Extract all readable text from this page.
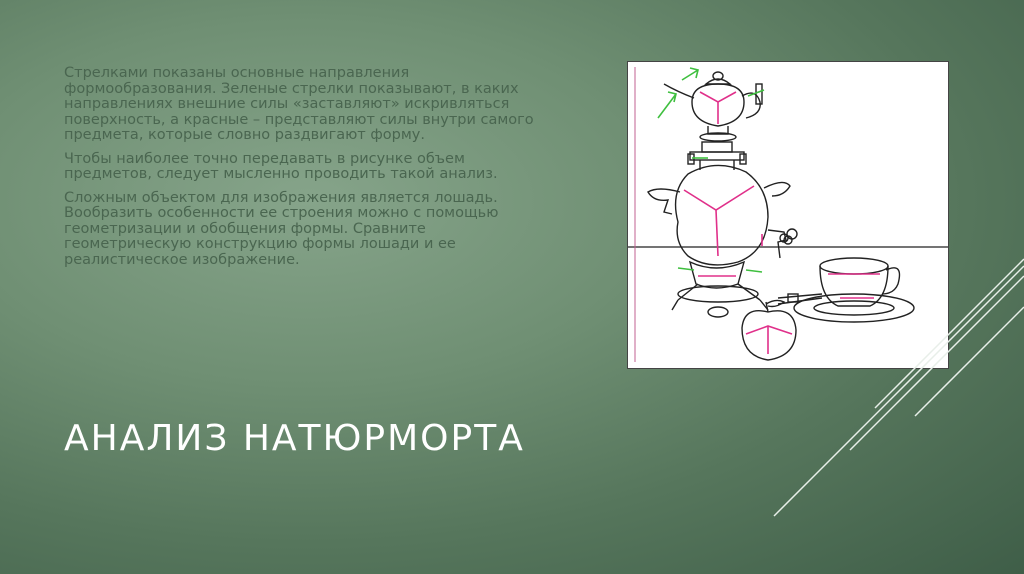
Стрелками показаны основные направления формообразования. Зеленые стрелки показывают, в каких направлениях внешние силы «заставляют» искривляться поверхность, а красные – представляют силы внутри самого предмета, которые словно раздвигают форму.

Чтобы наиболее точно передавать в рисунке объем предметов, следует мысленно проводить такой анализ.

Сложным объектом для изображения является лошадь. Вообразить особенности ее строения можно с помощью геометризации и обобщения формы. Сравните геометрическую конструкцию формы лошади и ее реалистическое изображение.

АНАЛИЗ НАТЮРМОРТА
